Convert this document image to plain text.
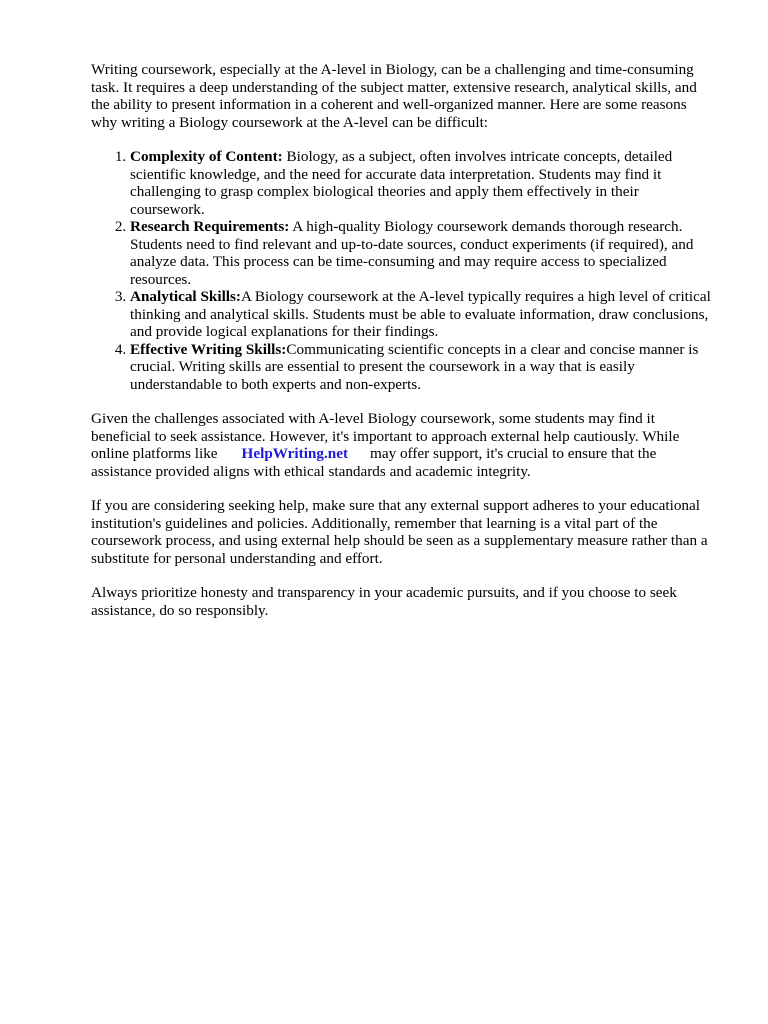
Writing coursework, especially at the A-level in Biology, can be a challenging and time-consuming task. It requires a deep understanding of the subject matter, extensive research, analytical skills, and the ability to present information in a coherent and well-organized manner. Here are some reasons why writing a Biology coursework at the A-level can be difficult:

1. Complexity of Content: Biology, as a subject, often involves intricate concepts, detailed scientific knowledge, and the need for accurate data interpretation. Students may find it challenging to grasp complex biological theories and apply them effectively in their coursework.
2. Research Requirements: A high-quality Biology coursework demands thorough research. Students need to find relevant and up-to-date sources, conduct experiments (if required), and analyze data. This process can be time-consuming and may require access to specialized resources.
3. Analytical Skills:A Biology coursework at the A-level typically requires a high level of critical thinking and analytical skills. Students must be able to evaluate information, draw conclusions, and provide logical explanations for their findings.
4. Effective Writing Skills:Communicating scientific concepts in a clear and concise manner is crucial. Writing skills are essential to present the coursework in a way that is easily understandable to both experts and non-experts.

Given the challenges associated with A-level Biology coursework, some students may find it beneficial to seek assistance. However, it's important to approach external help cautiously. While online platforms like HelpWriting.net may offer support, it's crucial to ensure that the assistance provided aligns with ethical standards and academic integrity.

If you are considering seeking help, make sure that any external support adheres to your educational institution's guidelines and policies. Additionally, remember that learning is a vital part of the coursework process, and using external help should be seen as a supplementary measure rather than a substitute for personal understanding and effort.

Always prioritize honesty and transparency in your academic pursuits, and if you choose to seek assistance, do so responsibly.
